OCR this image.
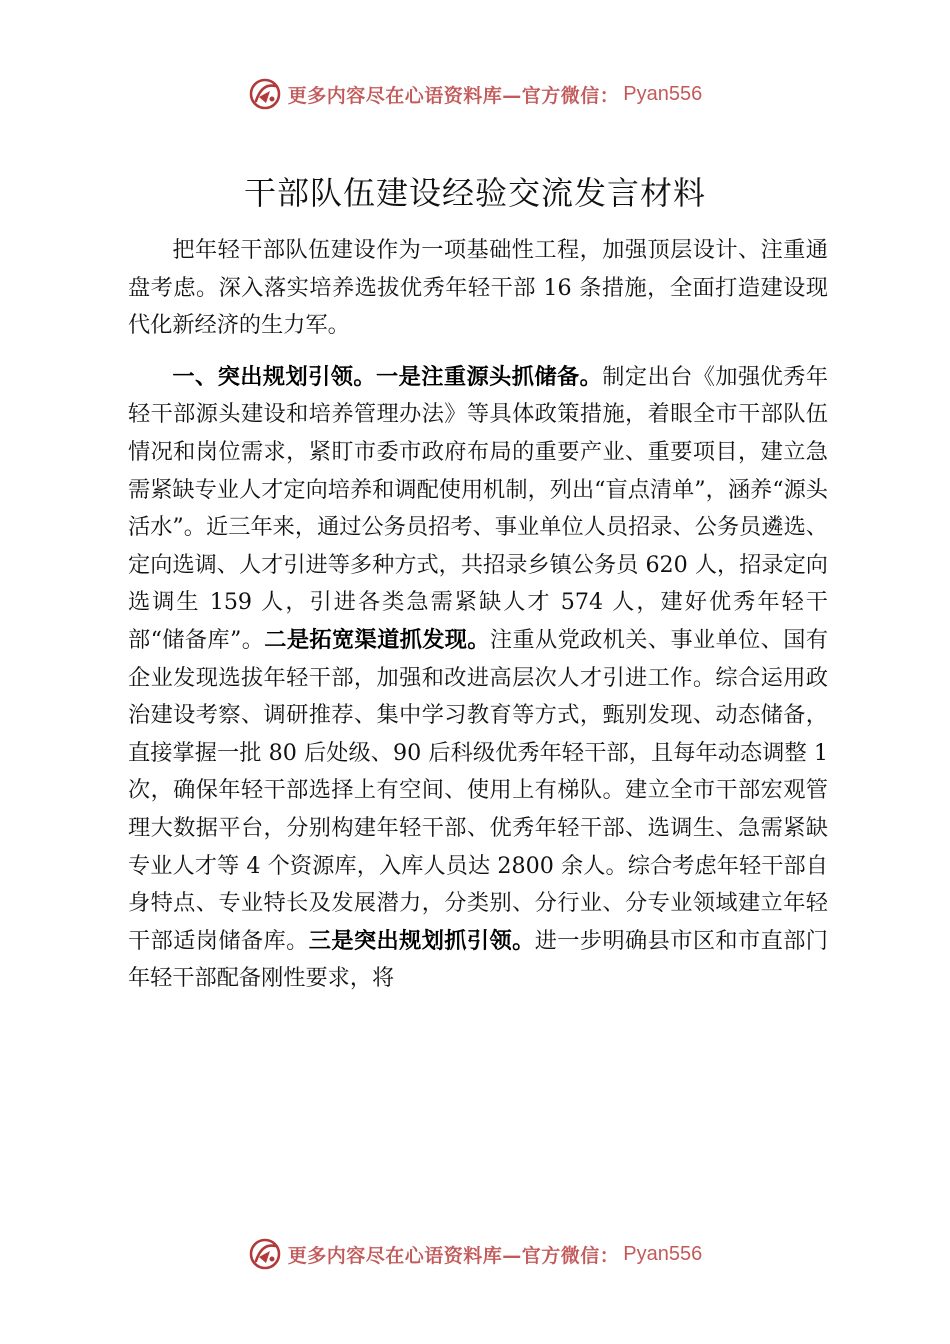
更多内容尽在心语资料库—官方微信： Pyan556
干部队伍建设经验交流发言材料

把年轻干部队伍建设作为一项基础性工程，加强顶层设计、注重通盘考虑。深入落实培养选拔优秀年轻干部 16 条措施，全面打造建设现代化新经济的生力军。

一、突出规划引领。一是注重源头抓储备。制定出台《加强优秀年轻干部源头建设和培养管理办法》等具体政策措施，着眼全市干部队伍情况和岗位需求，紧盯市委市政府布局的重要产业、重要项目，建立急需紧缺专业人才定向培养和调配使用机制，列出“盲点清单”，涵养“源头活水”。近三年来，通过公务员招考、事业单位人员招录、公务员遴选、定向选调、人才引进等多种方式，共招录乡镇公务员 620 人，招录定向选调生 159 人，引进各类急需紧缺人才 574 人，建好优秀年轻干部“储备库”。二是拓宽渠道抓发现。注重从党政机关、事业单位、国有企业发现选拔年轻干部，加强和改进高层次人才引进工作。综合运用政治建设考察、调研推荐、集中学习教育等方式，甄别发现、动态储备，直接掌握一批 80 后处级、90 后科级优秀年轻干部，且每年动态调整 1 次，确保年轻干部选择上有空间、使用上有梯队。建立全市干部宏观管理大数据平台，分别构建年轻干部、优秀年轻干部、选调生、急需紧缺专业人才等 4 个资源库，入库人员达 2800 余人。综合考虑年轻干部自身特点、专业特长及发展潜力，分类别、分行业、分专业领域建立年轻干部适岗储备库。三是突出规划抓引领。进一步明确县市区和市直部门年轻干部配备刚性要求，将

更多内容尽在心语资料库—官方微信： Pyan556
